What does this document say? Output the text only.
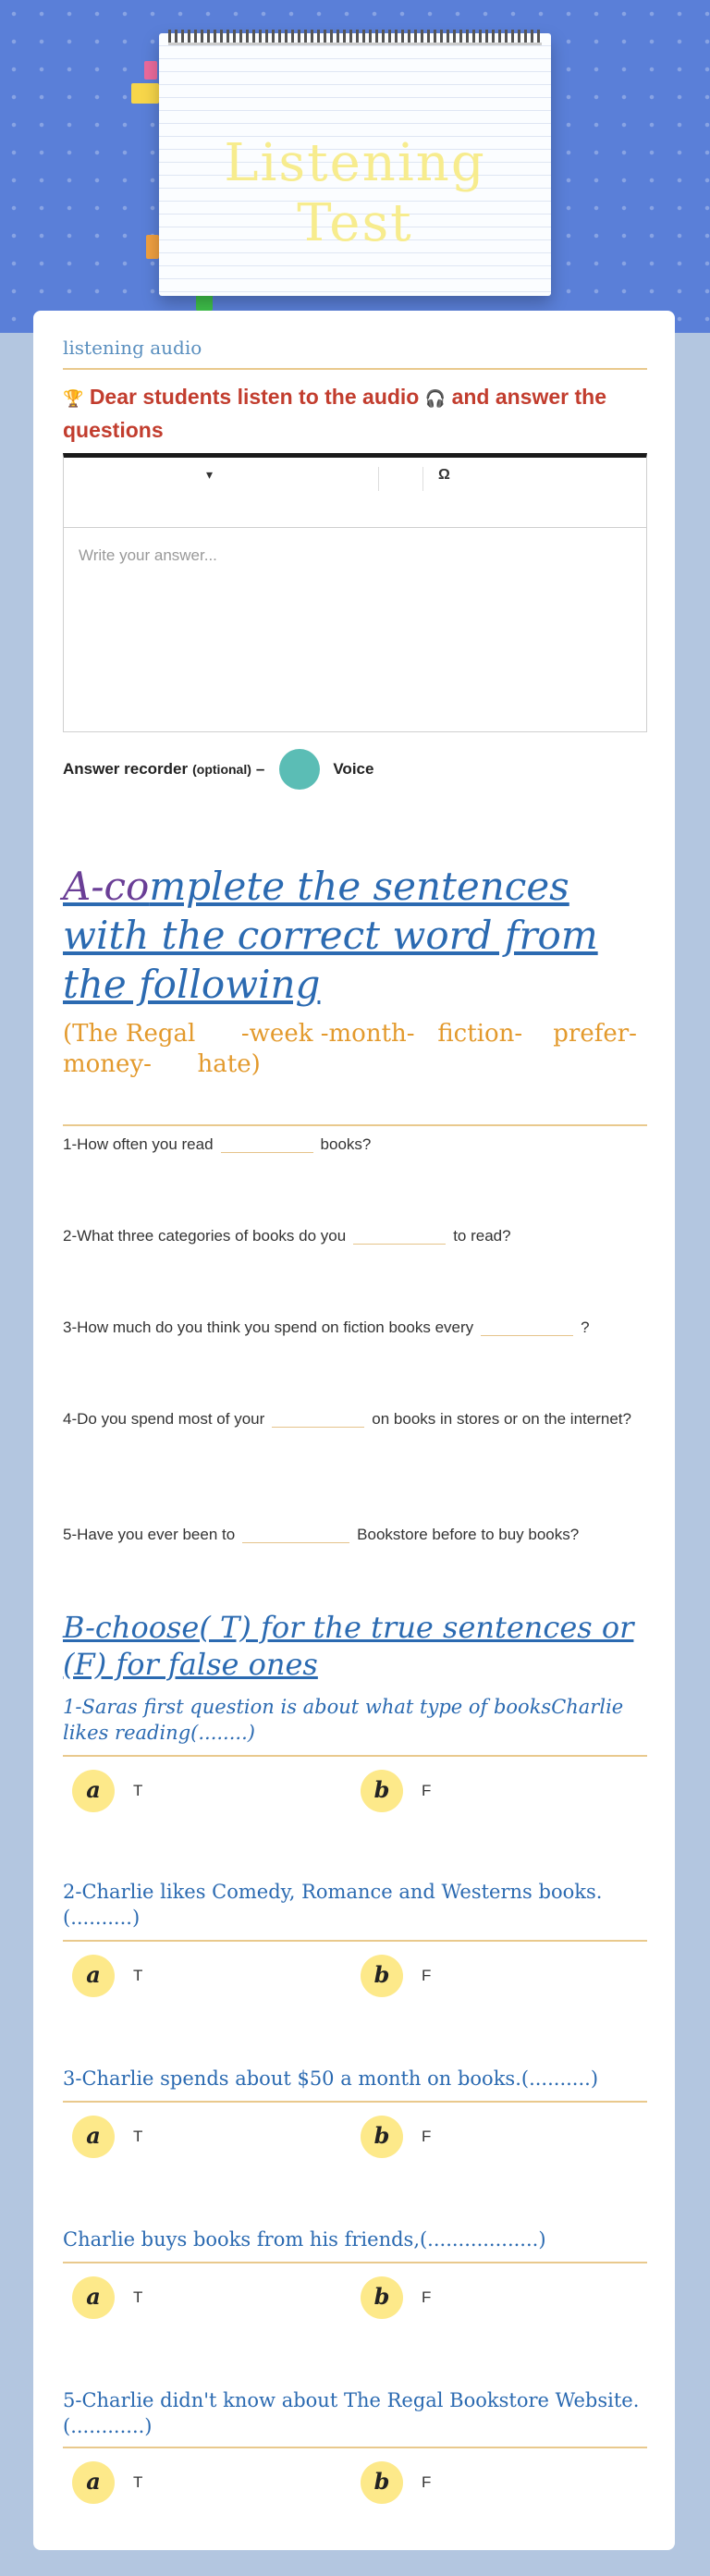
Listening Test
listening audio
🏆 Dear students listen to the audio 🎧 and answer the questions
▾	Ω
Write your answer...
Answer recorder (optional) –	Voice
A-complete the sentences with the correct word from the following
(The Regal      -week -month-   fiction-    prefer-   money-      hate)
1-How often you read	books?
2-What three categories of books do you	to read?
3-How much do you think you spend on fiction books every	?
4-Do you spend most of your	on books in stores or on the internet?
5-Have you ever been to	Bookstore before to buy books?
B-choose( T) for the true sentences or (F) for false ones
1-Saras first question is about what type of booksCharlie likes reading(........)
a	T	b	F
2-Charlie likes Comedy, Romance and Westerns books.(..........)
a	T	b	F
3-Charlie spends about $50 a month on books.(..........)
a	T	b	F
Charlie buys books from his friends,(..................)
a	T	b	F
5-Charlie didn't know about The Regal Bookstore Website.(............)
a	T	b	F
